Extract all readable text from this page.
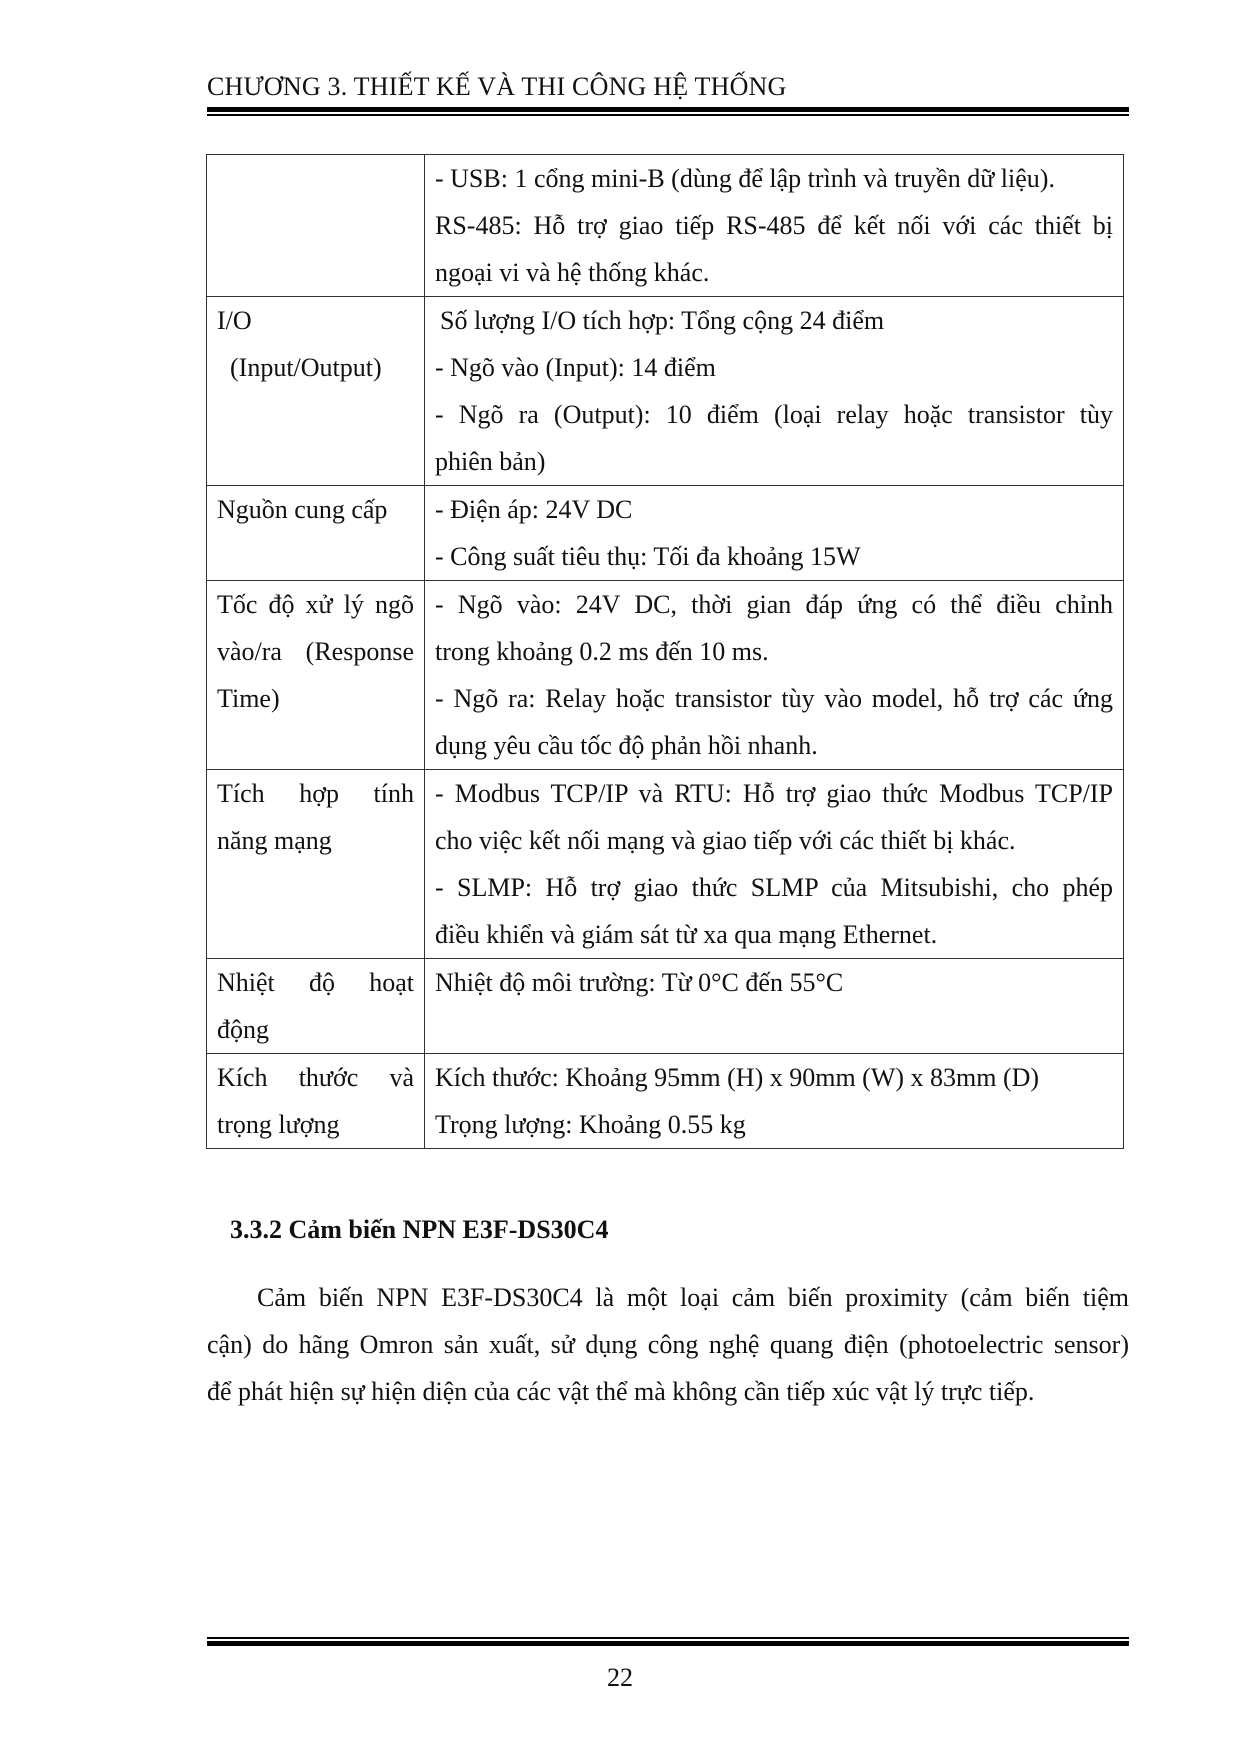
CHƯƠNG 3. THIẾT KẾ VÀ THI CÔNG HỆ THỐNG

	- USB: 1 cổng mini-B (dùng để lập trình và truyền dữ liệu).
RS-485: Hỗ trợ giao tiếp RS-485 để kết nối với các thiết bị
ngoại vi và hệ thống khác.

I/O
(Input/Output)	Số lượng I/O tích hợp: Tổng cộng 24 điểm
- Ngõ vào (Input): 14 điểm
- Ngõ ra (Output): 10 điểm (loại relay hoặc transistor tùy
phiên bản)

Nguồn cung cấp	- Điện áp: 24V DC
- Công suất tiêu thụ: Tối đa khoảng 15W

Tốc độ xử lý ngõ
vào/ra (Response
Time)	- Ngõ vào: 24V DC, thời gian đáp ứng có thể điều chỉnh
trong khoảng 0.2 ms đến 10 ms.
- Ngõ ra: Relay hoặc transistor tùy vào model, hỗ trợ các ứng
dụng yêu cầu tốc độ phản hồi nhanh.

Tích hợp tính
năng mạng	- Modbus TCP/IP và RTU: Hỗ trợ giao thức Modbus TCP/IP
cho việc kết nối mạng và giao tiếp với các thiết bị khác.
- SLMP: Hỗ trợ giao thức SLMP của Mitsubishi, cho phép
điều khiển và giám sát từ xa qua mạng Ethernet.

Nhiệt độ hoạt
động	Nhiệt độ môi trường: Từ 0°C đến 55°C

Kích thước và
trọng lượng	Kích thước: Khoảng 95mm (H) x 90mm (W) x 83mm (D)
Trọng lượng: Khoảng 0.55 kg
3.3.2 Cảm biến NPN E3F-DS30C4
Cảm biến NPN E3F-DS30C4 là một loại cảm biến proximity (cảm biến tiệm
cận) do hãng Omron sản xuất, sử dụng công nghệ quang điện (photoelectric sensor)
để phát hiện sự hiện diện của các vật thể mà không cần tiếp xúc vật lý trực tiếp.
22
